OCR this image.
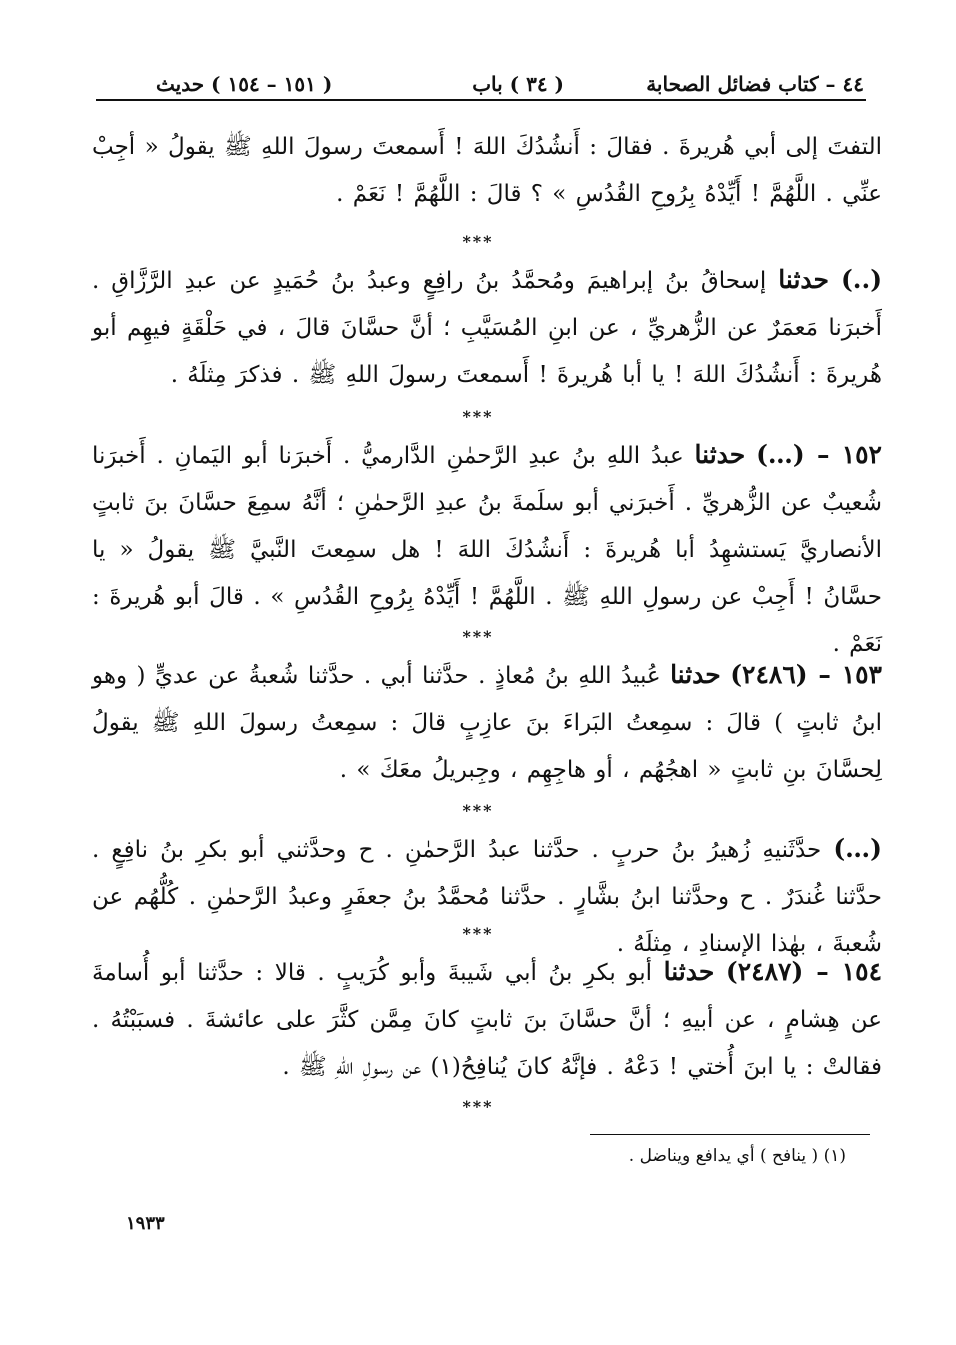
٤٤ – كتاب فضائل الصحابة
( ٣٤ ) باب
( ١٥١ – ١٥٤ ) حديث
التفتَ إلى أبي هُريرةَ . فقالَ : أَنشُدُكَ اللهَ ! أَسمعتَ رسولَ اللهِ ﷺ يقولُ « أجِبْ عنِّي . اللَّهُمَّ ! أَيِّدْهُ بِرُوحِ القُدُسِ » ؟ قالَ : اللَّهُمَّ ! نَعَمْ .
***
(..) حدثنا إسحاقُ بنُ إبراهيمَ ومُحمَّدُ بنُ رافِعٍ وعبدُ بنُ حُمَيدٍ عن عبدِ الرَّزَّاقِ . أَخبرَنا مَعمَرٌ عن الزُّهريِّ ، عن ابنِ المُسَيَّبِ ؛ أنَّ حسَّانَ قالَ ، في حَلْقَةٍ فيهِم أبو هُريرةَ : أَنشُدُكَ اللهَ ! يا أبا هُريرةَ ! أَسمعتَ رسولَ اللهِ ﷺ . فذكرَ مِثلَهُ .
***
١٥٢ – (…) حدثنا عبدُ اللهِ بنُ عبدِ الرَّحمٰنِ الدَّارميُّ . أَخبرَنا أبو اليَمانِ . أَخبرَنا شُعيبٌ عن الزُّهريِّ . أَخبرَني أبو سلَمةَ بنُ عبدِ الرَّحمٰنِ ؛ أنَّهُ سمِعَ حسَّانَ بنَ ثابتٍ الأنصاريَّ يَستشهِدُ أبا هُريرةَ : أَنشُدُكَ اللهَ ! هل سمِعتَ النَّبيَّ ﷺ يقولُ « يا حسَّانُ ! أَجِبْ عن رسولِ اللهِ ﷺ . اللَّهُمَّ ! أَيِّدْهُ بِرُوحِ القُدُسِ » . قالَ أبو هُريرةَ : نَعَمْ .
***
١٥٣ – (٢٤٨٦) حدثنا عُبيدُ اللهِ بنُ مُعاذٍ . حدَّثنا أبي . حدَّثنا شُعبةُ عن عديٍّ ( وهو ابنُ ثابتٍ ) قالَ : سمِعتُ البَراءَ بنَ عازِبٍ قالَ : سمِعتُ رسولَ اللهِ ﷺ يقولُ لِحسَّانَ بنِ ثابتٍ « اهجُهُم ، أو هاجِهِم ، وجِبريلُ معَكَ » .
***
(…) حدَّثَنيهِ زُهيرُ بنُ حربٍ . حدَّثنا عبدُ الرَّحمٰنِ . ح وحدَّثني أبو بكرِ بنُ نافِعٍ . حدَّثنا غُندَرٌ . ح وحدَّثنا ابنُ بشَّارٍ . حدَّثنا مُحمَّدُ بنُ جعفَرٍ وعبدُ الرَّحمٰنِ . كُلُّهُم عن شُعبةَ ، بهٰذا الإسنادِ ، مِثلَهُ .
***
١٥٤ – (٢٤٨٧) حدثنا أبو بكرِ بنُ أبي شَيبةَ وأبو كُرَيبٍ . قالا : حدَّثنا أبو أُسامةَ عن هِشامٍ ، عن أبيهِ ؛ أنَّ حسَّانَ بنَ ثابتٍ كانَ مِمَّن كثَّرَ على عائشةَ . فسبَبْتُهُ . فقالتْ : يا ابنَ أُختي ! دَعْهُ . فإنَّهُ كانَ يُنافِحُ(١) عن رسولِ اللهِ ﷺ .
***
(١) ( ينافح ) أي يدافع ويناضل .
١٩٣٣
